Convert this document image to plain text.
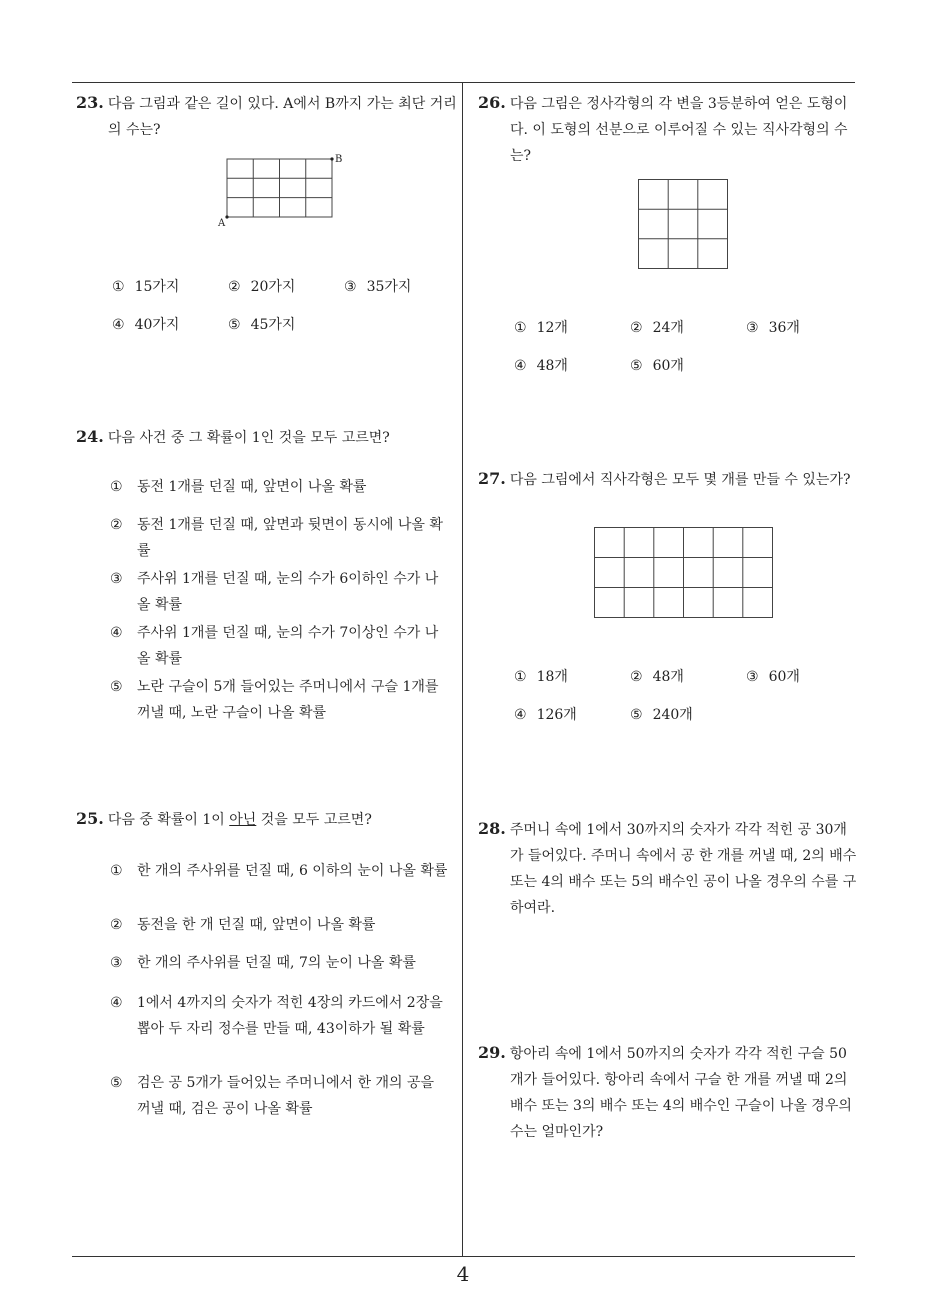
23. 다음 그림과 같은 길이 있다. A에서 B까지 가는 최단 거리의 수는?
A
B
① 15가지	② 20가지	③ 35가지
④ 40가지	⑤ 45가지
24. 다음 사건 중 그 확률이 1인 것을 모두 고르면?
①	동전 1개를 던질 때, 앞면이 나올 확률
②	동전 1개를 던질 때, 앞면과 뒷면이 동시에 나올 확률
③	주사위 1개를 던질 때, 눈의 수가 6이하인 수가 나올 확률
④	주사위 1개를 던질 때, 눈의 수가 7이상인 수가 나올 확률
⑤	노란 구슬이 5개 들어있는 주머니에서 구슬 1개를 꺼낼 때, 노란 구슬이 나올 확률
25. 다음 중 확률이 1이 아닌 것을 모두 고르면?
①	한 개의 주사위를 던질 때, 6 이하의 눈이 나올 확률
②	동전을 한 개 던질 때, 앞면이 나올 확률
③	한 개의 주사위를 던질 때, 7의 눈이 나올 확률
④	1에서 4까지의 숫자가 적힌 4장의 카드에서 2장을 뽑아 두 자리 정수를 만들 때, 43이하가 될 확률
⑤	검은 공 5개가 들어있는 주머니에서 한 개의 공을 꺼낼 때, 검은 공이 나올 확률
26. 다음 그림은 정사각형의 각 변을 3등분하여 얻은 도형이다. 이 도형의 선분으로 이루어질 수 있는 직사각형의 수는?
① 12개	② 24개	③ 36개
④ 48개	⑤ 60개
27. 다음 그림에서 직사각형은 모두 몇 개를 만들 수 있는가?
① 18개	② 48개	③ 60개
④ 126개	⑤ 240개
28. 주머니 속에 1에서 30까지의 숫자가 각각 적힌 공 30개가 들어있다. 주머니 속에서 공 한 개를 꺼낼 때, 2의 배수 또는 4의 배수 또는 5의 배수인 공이 나올 경우의 수를 구하여라.
29. 항아리 속에 1에서 50까지의 숫자가 각각 적힌 구슬 50개가 들어있다. 항아리 속에서 구슬 한 개를 꺼낼 때 2의 배수 또는 3의 배수 또는 4의 배수인 구슬이 나올 경우의 수는 얼마인가?
4
